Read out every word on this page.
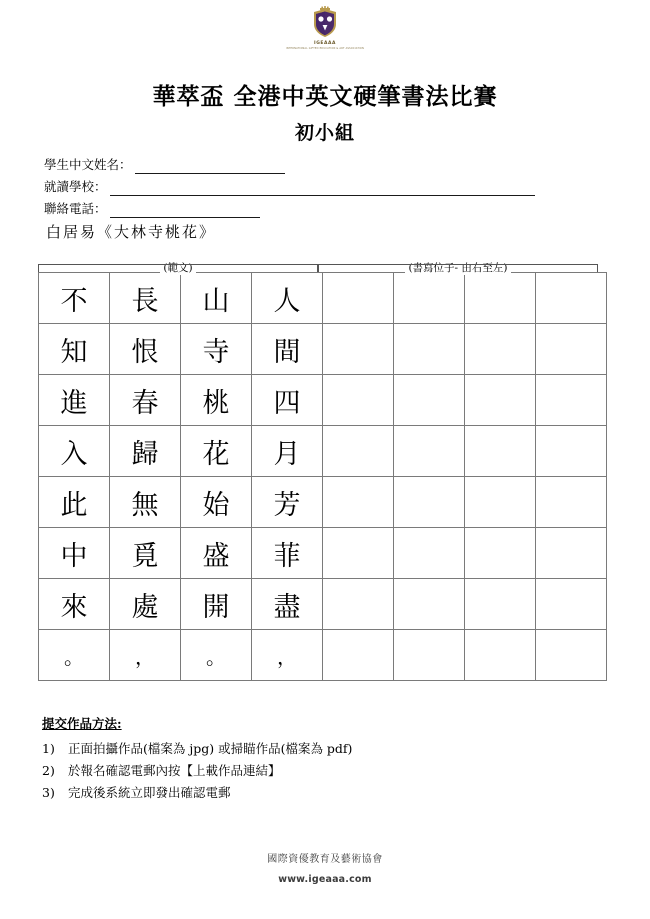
IGEAAA
INTERNATIONAL GIFTED EDUCATION & ART ASSOCIATION
華萃盃 全港中英文硬筆書法比賽
初小組
學生中文姓名：
就讀學校：
聯絡電話：
白居易《大林寺桃花》
(範文)	(書寫位子- 由右至左)
不	長	山	人				
知	恨	寺	間				
進	春	桃	四				
入	歸	花	月				
此	無	始	芳				
中	覓	盛	菲				
來	處	開	盡				
。	，	。	，				
提交作品方法:
1)	正面拍攝作品(檔案為 jpg) 或掃瞄作品(檔案為 pdf)
2)	於報名確認電郵內按【上載作品連結】
3)	完成後系統立即發出確認電郵
國際資優教育及藝術協會
www.igeaaa.com
